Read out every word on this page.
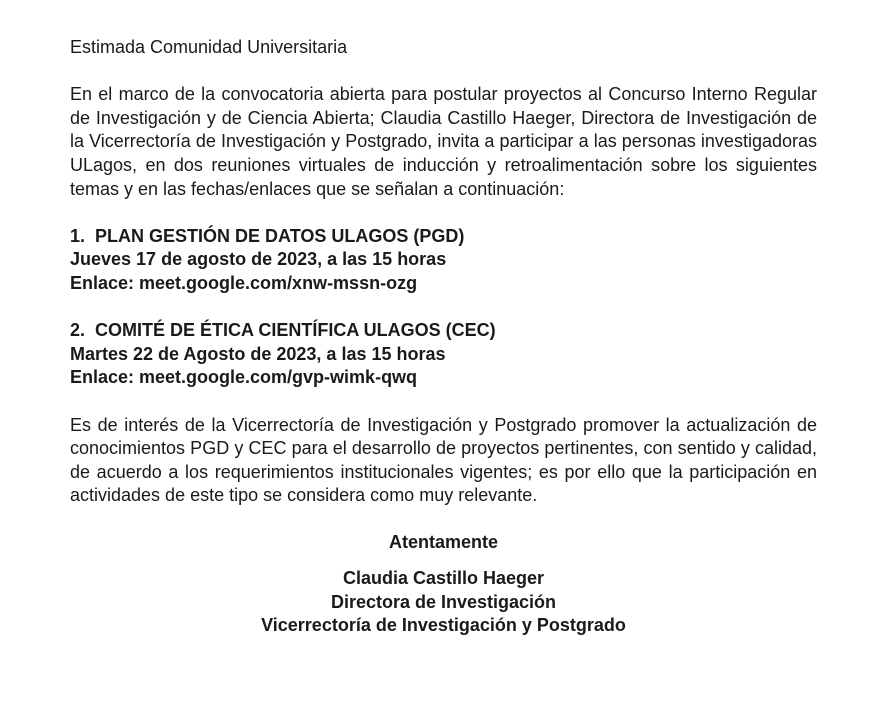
Estimada Comunidad Universitaria

En el marco de la convocatoria abierta para postular proyectos al Concurso Interno Regular de Investigación y de Ciencia Abierta; Claudia Castillo Haeger, Directora de Investigación de la Vicerrectoría de Investigación y Postgrado, invita a participar a las personas investigadoras ULagos, en dos reuniones virtuales de inducción y retroalimentación sobre los siguientes temas y en las fechas/enlaces que se señalan a continuación:

1.  PLAN GESTIÓN DE DATOS ULAGOS (PGD)
Jueves 17 de agosto de 2023, a las 15 horas
Enlace: meet.google.com/xnw-mssn-ozg
2.  COMITÉ DE ÉTICA CIENTÍFICA ULAGOS (CEC)
Martes 22 de Agosto de 2023, a las 15 horas
Enlace: meet.google.com/gvp-wimk-qwq

Es de interés de la Vicerrectoría de Investigación y Postgrado promover la actualización de conocimientos PGD y CEC para el desarrollo de proyectos pertinentes, con sentido y calidad, de acuerdo a los requerimientos institucionales vigentes; es por ello que la participación en actividades de este tipo se considera como muy relevante.

Atentamente
Claudia Castillo Haeger
Directora de Investigación
Vicerrectoría de Investigación y Postgrado
